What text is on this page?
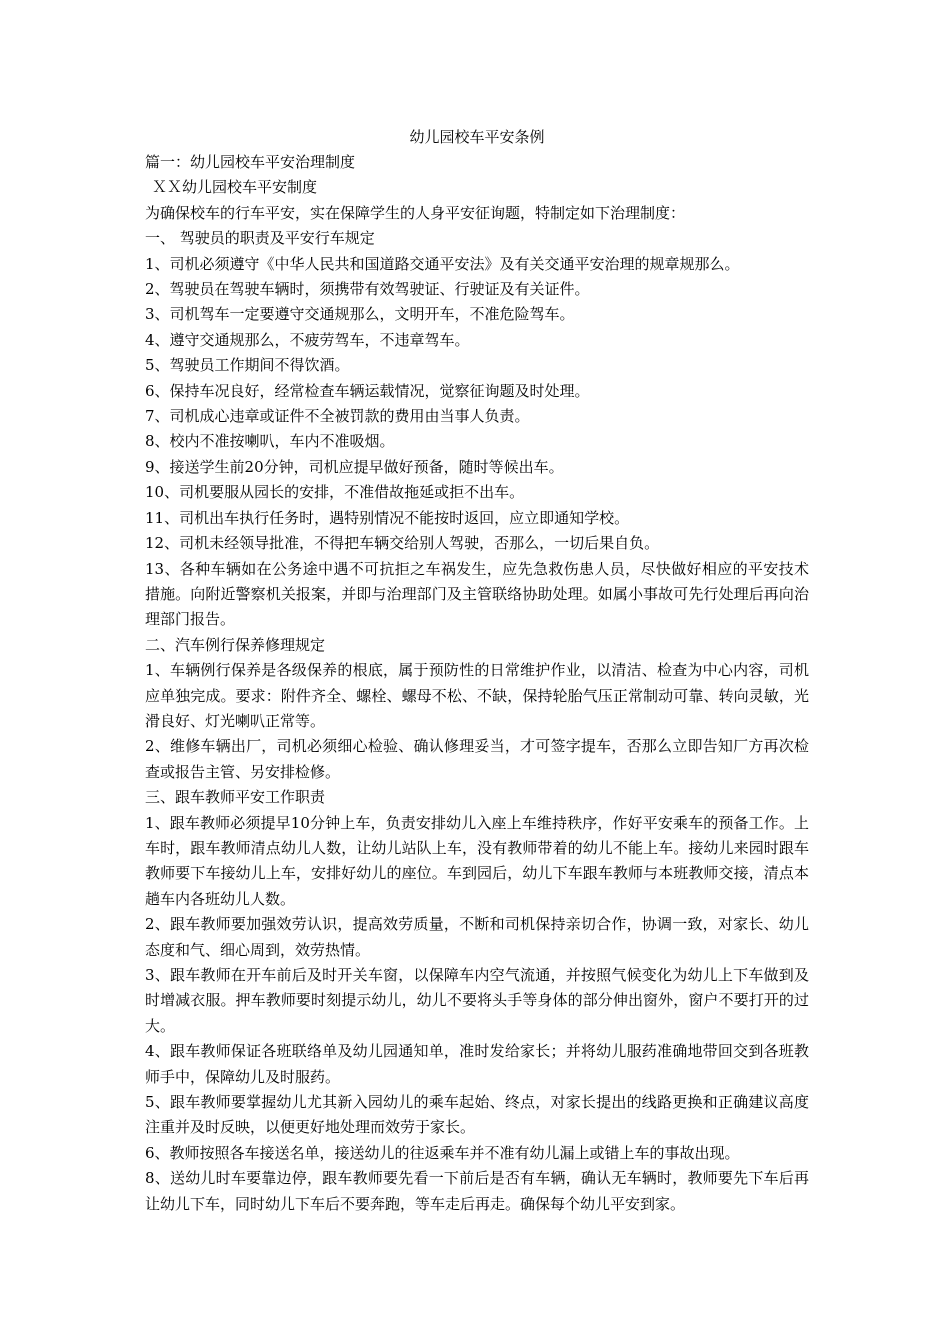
幼儿园校车平安条例

篇一：幼儿园校车平安治理制度

ＸＸ幼儿园校车平安制度

为确保校车的行车平安，实在保障学生的人身平安征询题，特制定如下治理制度：

一、 驾驶员的职责及平安行车规定

1、司机必须遵守《中华人民共和国道路交通平安法》及有关交通平安治理的规章规那么。

2、驾驶员在驾驶车辆时，须携带有效驾驶证、行驶证及有关证件。

3、司机驾车一定要遵守交通规那么，文明开车，不准危险驾车。

4、遵守交通规那么，不疲劳驾车，不违章驾车。

5、驾驶员工作期间不得饮酒。

6、保持车况良好，经常检查车辆运载情况，觉察征询题及时处理。

7、司机成心违章或证件不全被罚款的费用由当事人负责。

8、校内不准按喇叭，车内不准吸烟。

9、接送学生前20分钟，司机应提早做好预备，随时等候出车。

10、司机要服从园长的安排，不准借故拖延或拒不出车。

11、司机出车执行任务时，遇特别情况不能按时返回，应立即通知学校。

12、司机未经领导批准，不得把车辆交给别人驾驶，否那么，一切后果自负。

13、各种车辆如在公务途中遇不可抗拒之车祸发生，应先急救伤患人员，尽快做好相应的平安技术措施。向附近警察机关报案，并即与治理部门及主管联络协助处理。如属小事故可先行处理后再向治理部门报告。

二、汽车例行保养修理规定

1、车辆例行保养是各级保养的根底，属于预防性的日常维护作业，以清洁、检查为中心内容，司机应单独完成。要求：附件齐全、螺栓、螺母不松、不缺，保持轮胎气压正常制动可靠、转向灵敏，光滑良好、灯光喇叭正常等。

2、维修车辆出厂，司机必须细心检验、确认修理妥当，才可签字提车，否那么立即告知厂方再次检查或报告主管、另安排检修。

三、跟车教师平安工作职责

1、跟车教师必须提早10分钟上车，负责安排幼儿入座上车维持秩序，作好平安乘车的预备工作。上车时，跟车教师清点幼儿人数，让幼儿站队上车，没有教师带着的幼儿不能上车。接幼儿来园时跟车教师要下车接幼儿上车，安排好幼儿的座位。车到园后，幼儿下车跟车教师与本班教师交接，清点本趟车内各班幼儿人数。

2、跟车教师要加强效劳认识，提高效劳质量，不断和司机保持亲切合作，协调一致，对家长、幼儿态度和气、细心周到，效劳热情。

3、跟车教师在开车前后及时开关车窗，以保障车内空气流通，并按照气候变化为幼儿上下车做到及时增减衣服。押车教师要时刻提示幼儿，幼儿不要将头手等身体的部分伸出窗外，窗户不要打开的过大。

4、跟车教师保证各班联络单及幼儿园通知单，准时发给家长；并将幼儿服药准确地带回交到各班教师手中，保障幼儿及时服药。

5、跟车教师要掌握幼儿尤其新入园幼儿的乘车起始、终点，对家长提出的线路更换和正确建议高度注重并及时反映，以便更好地处理而效劳于家长。

6、教师按照各车接送名单，接送幼儿的往返乘车并不准有幼儿漏上或错上车的事故出现。

8、送幼儿时车要靠边停，跟车教师要先看一下前后是否有车辆，确认无车辆时，教师要先下车后再让幼儿下车，同时幼儿下车后不要奔跑，等车走后再走。确保每个幼儿平安到家。
